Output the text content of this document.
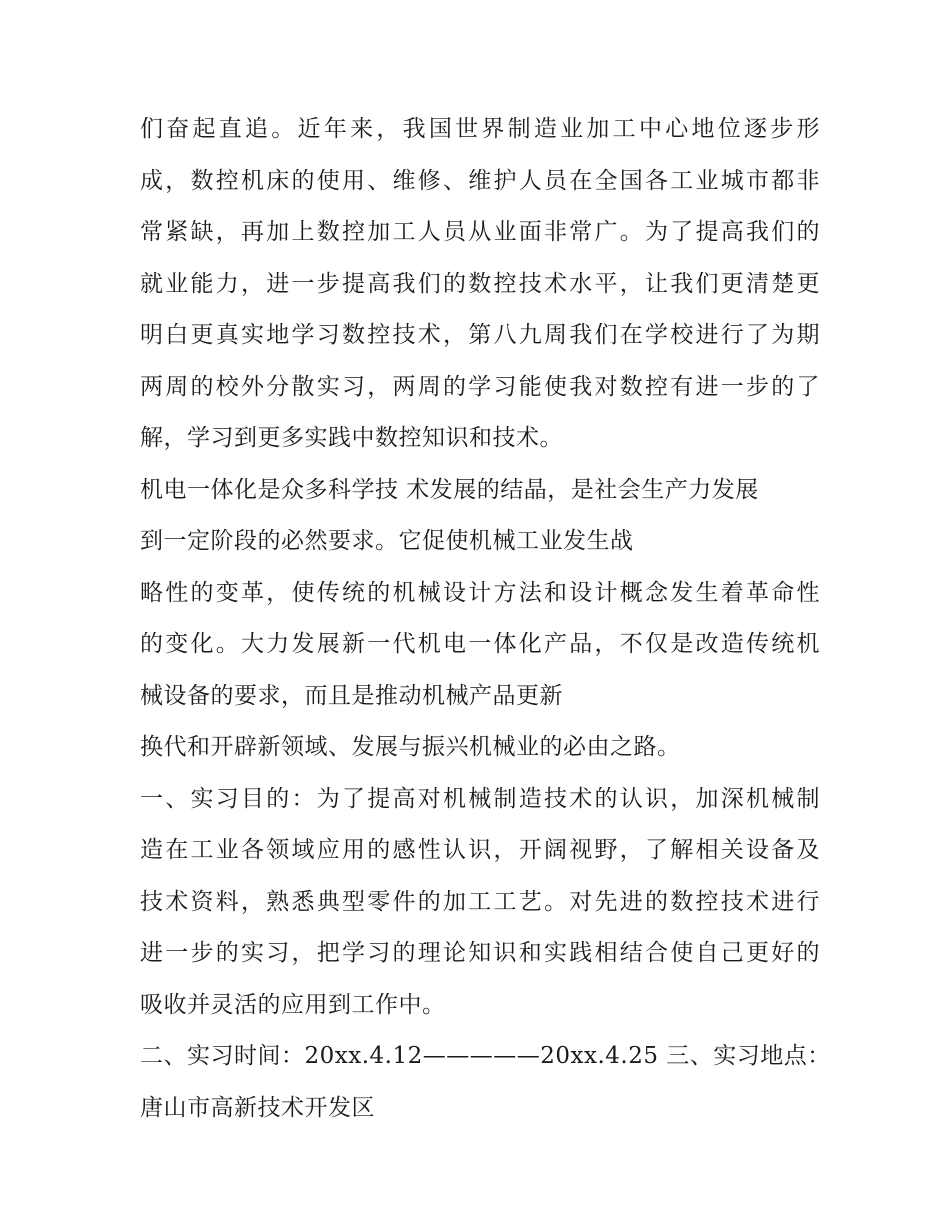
们奋起直追。近年来，我国世界制造业加工中心地位逐步形
成，数控机床的使用、维修、维护人员在全国各工业城市都非
常紧缺，再加上数控加工人员从业面非常广。为了提高我们的
就业能力，进一步提高我们的数控技术水平，让我们更清楚更
明白更真实地学习数控技术，第八九周我们在学校进行了为期
两周的校外分散实习，两周的学习能使我对数控有进一步的了
解，学习到更多实践中数控知识和技术。
机电一体化是众多科学技 术发展的结晶，是社会生产力发展
到一定阶段的必然要求。它促使机械工业发生战
略性的变革，使传统的机械设计方法和设计概念发生着革命性
的变化。大力发展新一代机电一体化产品，不仅是改造传统机
械设备的要求，而且是推动机械产品更新
换代和开辟新领域、发展与振兴机械业的必由之路。
一、实习目的：为了提高对机械制造技术的认识，加深机械制
造在工业各领域应用的感性认识，开阔视野，了解相关设备及
技术资料，熟悉典型零件的加工工艺。对先进的数控技术进行
进一步的实习，把学习的理论知识和实践相结合使自己更好的
吸收并灵活的应用到工作中。
二、实习时间：20xx.4.12—————20xx.4.25 三、实习地点：
唐山市高新技术开发区
